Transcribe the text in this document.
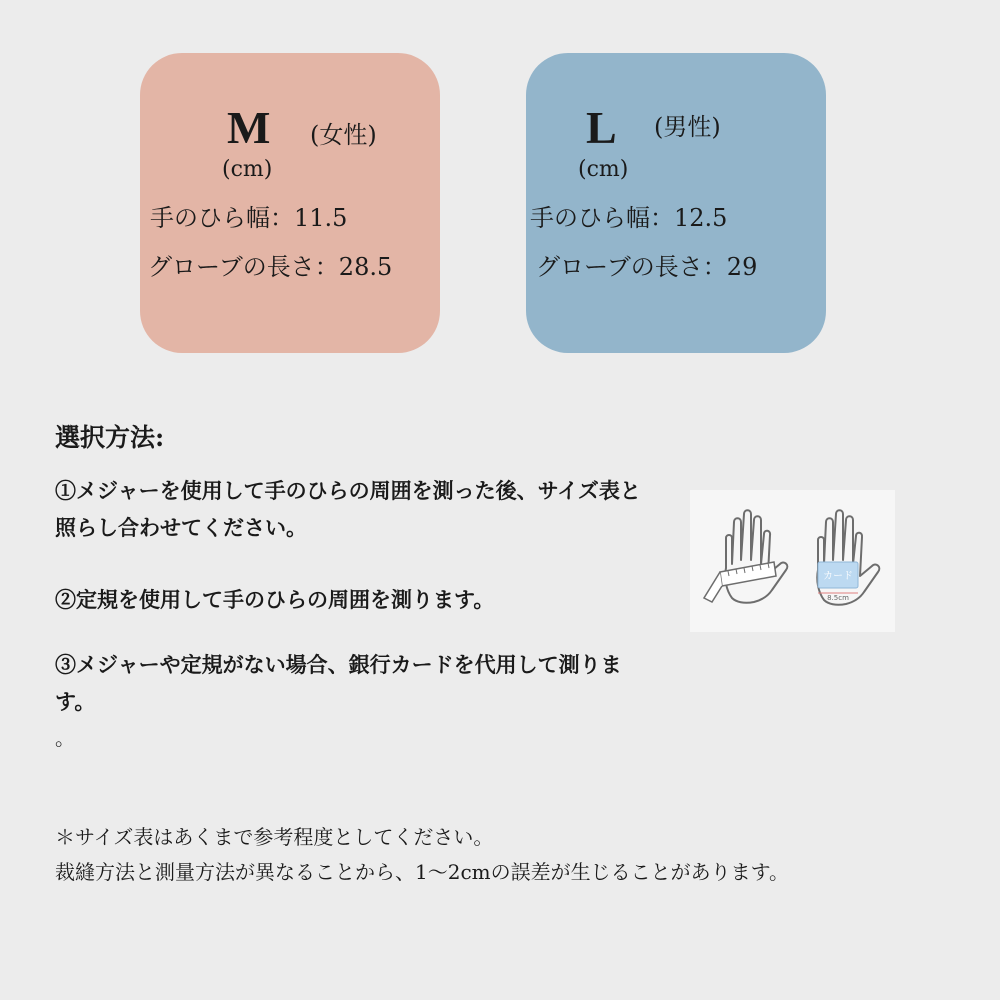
M (女性)
(cm)
手のひら幅：11.5
グローブの長さ：28.5
L (男性)
(cm)
手のひら幅：12.5
グローブの長さ：29
選択方法:
①メジャーを使用して手のひらの周囲を測った後、サイズ表と照らし合わせてください。
②定規を使用して手のひらの周囲を測ります。
③メジャーや定規がない場合、銀行カードを代用して測ります。
。
カード
8.5cm
＊サイズ表はあくまで参考程度としてください。
裁縫方法と測量方法が異なることから、1〜2cmの誤差が生じることがあります。
